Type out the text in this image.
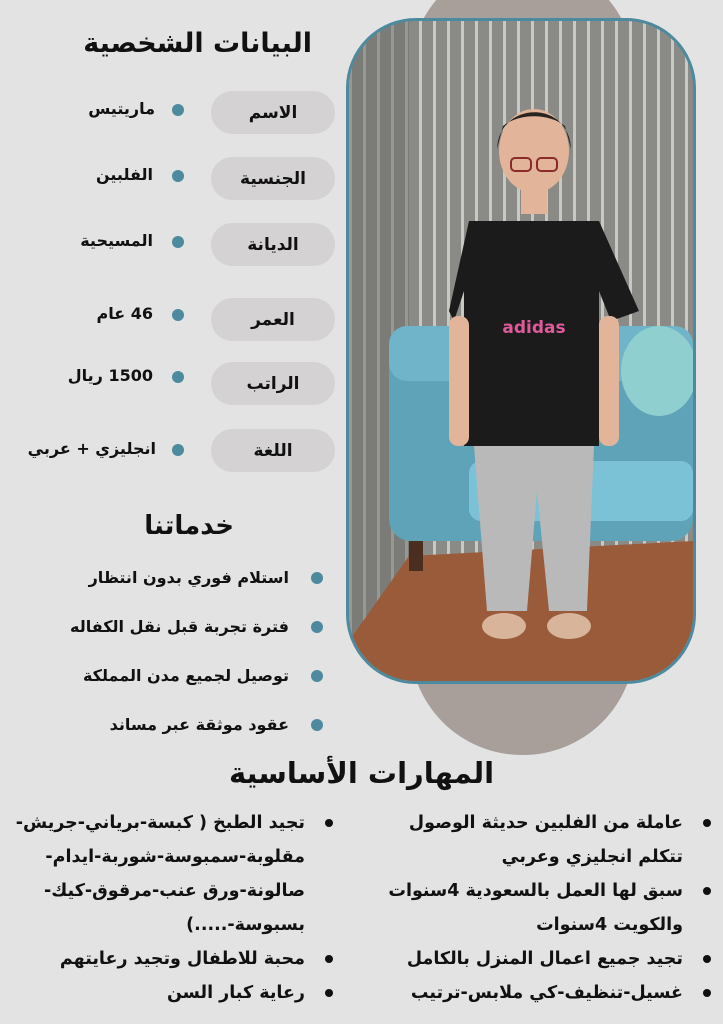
adidas
البيانات الشخصية
الاسم
ماريتيس
الجنسية
الفلبين
الديانة
المسيحية
العمر
46 عام
الراتب
1500 ريال
اللغة
انجليزي + عربي
خدماتنا
استلام فوري بدون انتظار
فترة تجربة قبل نقل الكفاله
توصيل لجميع مدن المملكة
عقود موثقة عبر مساند
المهارات الأساسية
عاملة من الفلبين حديثة الوصول تتكلم انجليزي وعربي
سبق لها العمل بالسعودية 4سنوات والكويت 4سنوات
تجيد جميع اعمال المنزل بالكامل
غسيل-تنظيف-كي ملابس-ترتيب
تجيد الطبخ ( كبسة-برياني-جريش-مقلوبة-سمبوسة-شوربة-ايدام-صالونة-ورق عنب-مرقوق-كيك-بسبوسة-.....)
محبة للاطفال وتجيد رعايتهم
رعاية كبار السن
